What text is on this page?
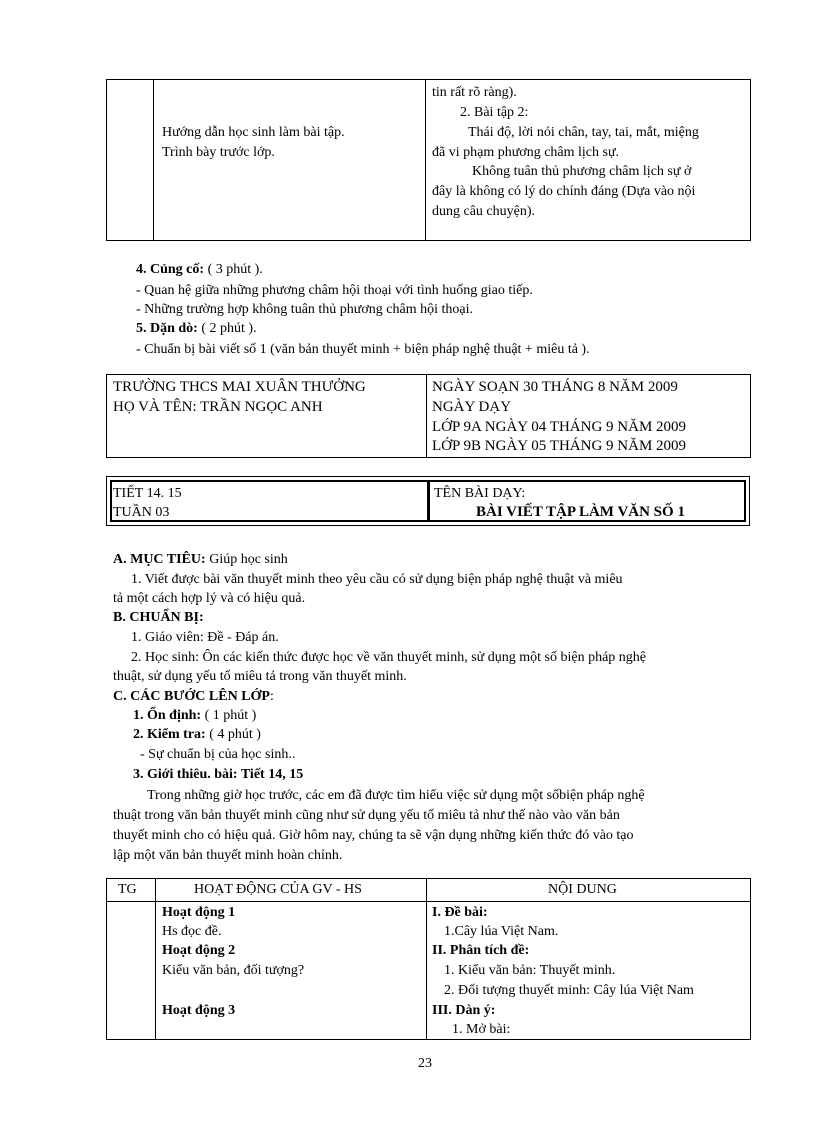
Hướng dẫn học sinh làm bài tập.
Trình bày trước lớp.
tin rất rõ ràng).
2. Bài tập 2:
Thái độ, lời nói chân, tay, tai, mắt, miệng
đã vi phạm phương châm lịch sự.
Không tuân thủ phương châm lịch sự ở
đây là không có lý do chính đáng (Dựa vào nội
dung câu chuyện).
4. Củng cố: ( 3 phút ).
- Quan hệ giữa những phương châm hội thoại với tình huống giao tiếp.
- Những trường hợp không tuân thủ phương châm hội thoại.
5. Dặn dò: ( 2 phút ).
- Chuẩn bị bài viết số 1 (văn bản thuyết minh + biện pháp nghệ thuật + miêu tả ).
TRƯỜNG THCS MAI XUÂN THƯỞNG
HỌ VÀ TÊN: TRẦN NGỌC ANH
NGÀY SOẠN 30 THÁNG 8 NĂM 2009
NGÀY DẠY
LỚP 9A NGÀY 04 THÁNG 9 NĂM 2009
LỚP 9B NGÀY 05 THÁNG 9 NĂM 2009
TIẾT 14. 15
TUẦN 03
TÊN BÀI DẠY:
BÀI VIẾT TẬP LÀM VĂN SỐ 1
A. MỤC TIÊU: Giúp học sinh
1. Viết được bài văn thuyết minh theo yêu cầu có sử dụng biện pháp nghệ thuật và miêu
tả một cách hợp lý và có hiệu quả.
B. CHUẨN BỊ:
1. Giáo viên: Đề - Đáp án.
2. Học sinh: Ôn các kiến thức được học về văn thuyết minh, sử dụng một số biện pháp nghệ
thuật, sử dụng yếu tố miêu tả trong văn thuyết minh.
C. CÁC BƯỚC LÊN LỚP:
1. Ổn định: ( 1 phút )
2. Kiểm tra: ( 4 phút )
- Sự chuẩn bị của học sinh..
3. Giới thiêu. bài: Tiết 14, 15
Trong những giờ học trước, các em đã được tìm hiểu việc sử dụng một sốbiện pháp nghệ
thuật trong văn bản thuyết minh cũng như sử dụng yếu tố miêu tả như thế nào vào văn bản
thuyết minh cho có hiệu quả. Giờ hôm nay, chúng ta sẽ vận dụng những kiến thức đó vào tạo
lập một văn bản thuyết minh hoàn chỉnh.
TG	HOẠT ĐỘNG CỦA GV - HS	NỘI DUNG
Hoạt động 1
Hs đọc đề.
Hoạt động 2
Kiểu văn bản, đối tượng?
Hoạt động 3
I. Đề bài:
1.Cây lúa Việt Nam.
II. Phân tích đề:
1. Kiểu văn bản: Thuyết minh.
2. Đối tượng thuyết minh: Cây lúa Việt Nam
III. Dàn ý:
1. Mở bài:
23
